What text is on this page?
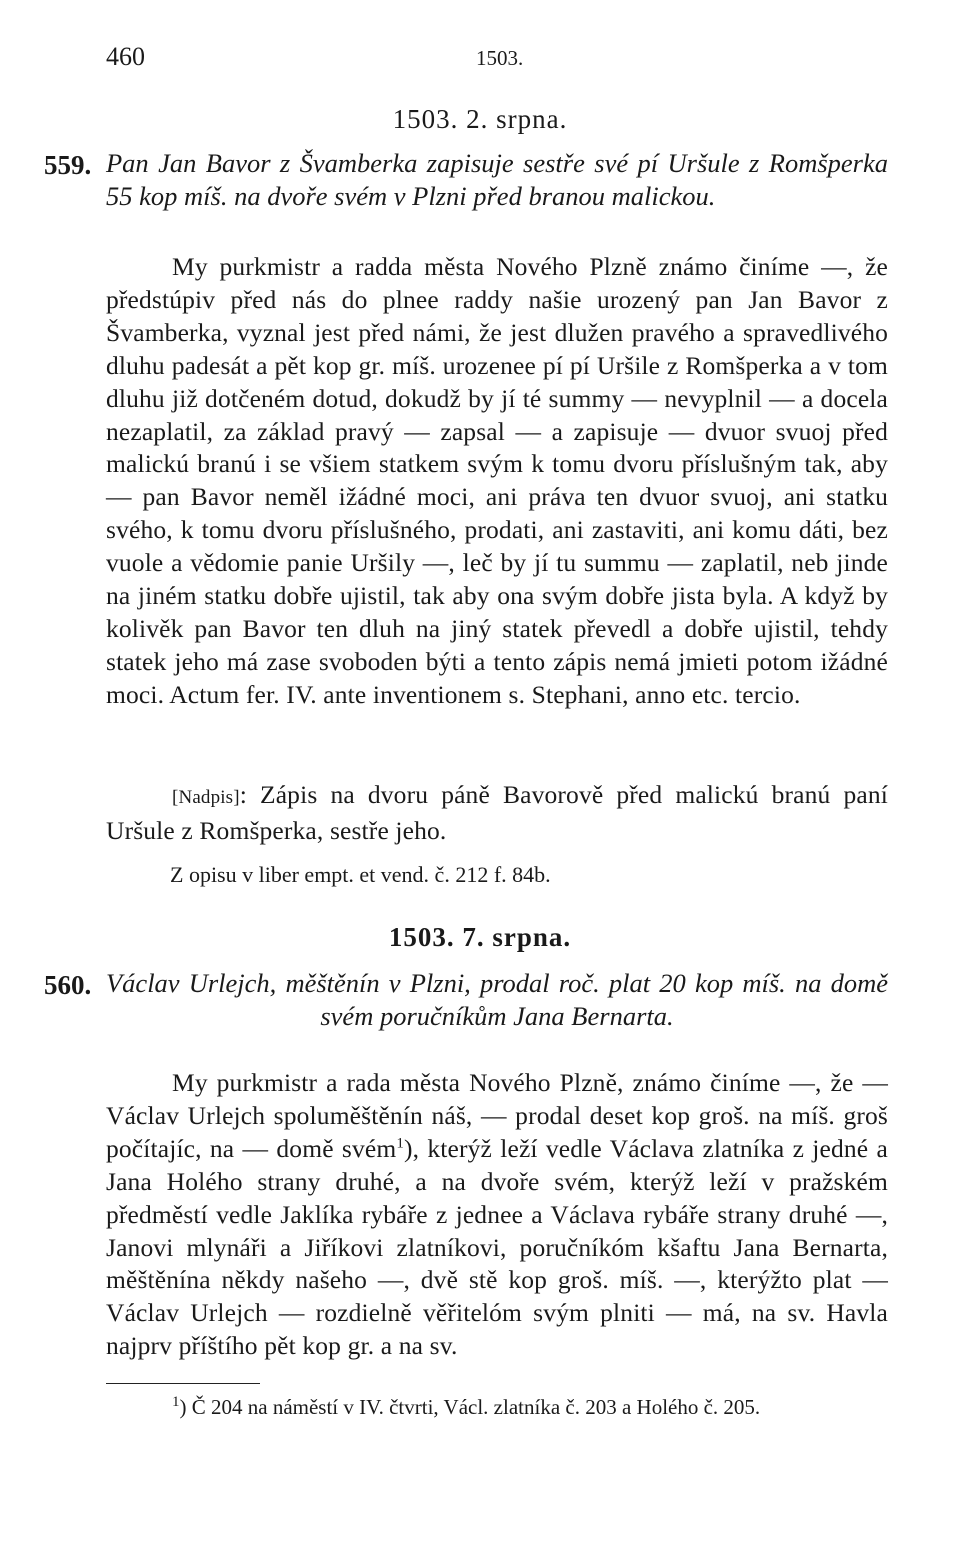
460	1503.
1503. 2. srpna.
559. Pan Jan Bavor z Švamberka zapisuje sestře své pí Uršule z Romšperka 55 kop míš. na dvoře svém v Plzni před branou malickou.
My purkmistr a radda města Nového Plzně známo činíme —, že předstúpiv před nás do plnee raddy našie urozený pan Jan Bavor z Švamberka, vyznal jest před námi, že jest dlužen pravého a spravedlivého dluhu padesát a pět kop gr. míš. urozenee pí pí Uršile z Romšperka a v tom dluhu již dotčeném dotud, dokudž by jí té summy — nevyplnil — a docela nezaplatil, za základ pravý — zapsal — a zapisuje — dvuor svuoj před malickú branú i se všiem statkem svým k tomu dvoru příslušným tak, aby — pan Bavor neměl ižádné moci, ani práva ten dvuor svuoj, ani statku svého, k tomu dvoru příslušného, prodati, ani zastaviti, ani komu dáti, bez vuole a vědomie panie Uršily —, leč by jí tu summu — zaplatil, neb jinde na jiném statku dobře ujistil, tak aby ona svým dobře jista byla. A když by kolivěk pan Bavor ten dluh na jiný statek převedl a dobře ujistil, tehdy statek jeho má zase svoboden býti a tento zápis nemá jmieti potom ižádné moci. Actum fer. IV. ante inventionem s. Stephani, anno etc. tercio.
[Nadpis]: Zápis na dvoru páně Bavorově před malickú branú paní Uršule z Romšperka, sestře jeho.
Z opisu v liber empt. et vend. č. 212 f. 84b.
1503. 7. srpna.
560. Václav Urlejch, měštěnín v Plzni, prodal roč. plat 20 kop míš. na domě svém poručníkům Jana Bernarta.
My purkmistr a rada města Nového Plzně, známo činíme —, že — Václav Urlejch spoluměštěnín náš, — prodal deset kop groš. na míš. groš počítajíc, na — domě svém$^1$), kterýž leží vedle Václava zlatníka z jedné a Jana Holého strany druhé, a na dvoře svém, kterýž leží v pražském předměstí vedle Jaklíka rybáře z jednee a Václava rybáře strany druhé —, Janovi mlynáři a Jiříkovi zlatníkovi, poručníkóm kšaftu Jana Bernarta, měštěnína někdy našeho —, dvě stě kop groš. míš. —, kterýžto plat — Václav Urlejch — rozdielně věřitelóm svým plniti — má, na sv. Havla najprv příštího pět kop gr. a na sv.
$^1$) Č 204 na náměstí v IV. čtvrti, Václ. zlatníka č. 203 a Holého č. 205.
